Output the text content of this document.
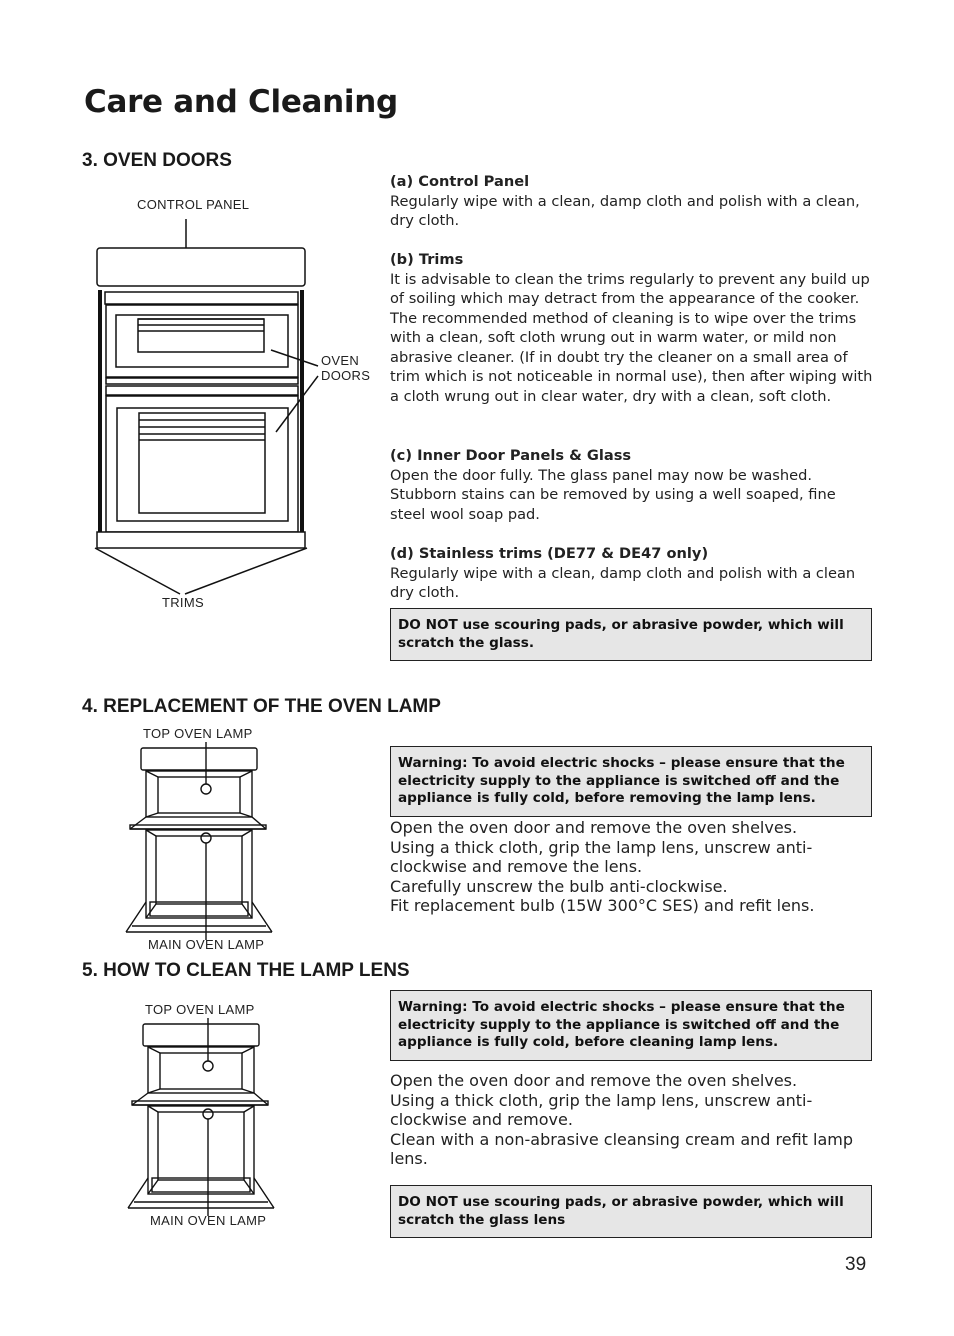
Care and Cleaning
3. OVEN DOORS
CONTROL PANEL
OVEN
DOORS
TRIMS
(a) Control Panel
Regularly wipe with a clean, damp cloth and polish with a clean, dry cloth.
(b) Trims
It is advisable to clean the trims regularly to prevent any build up of soiling which may detract from the appearance of the cooker. The recommended method of cleaning is to wipe over the trims with a clean, soft cloth wrung out in warm water, or mild non abrasive cleaner. (If in doubt try the cleaner on a small area of trim which is not noticeable in normal use), then after wiping with a cloth wrung out in clear water, dry with a clean, soft cloth.
(c) Inner Door Panels & Glass
Open the door fully. The glass panel may now be washed. Stubborn stains can be removed by using a well soaped, fine steel wool soap pad.
(d) Stainless trims (DE77 & DE47 only)
Regularly wipe with a clean, damp cloth and polish with a clean dry cloth.
DO NOT use scouring pads, or abrasive powder, which will scratch the glass.
4. REPLACEMENT OF THE OVEN LAMP
TOP OVEN LAMP
MAIN OVEN LAMP
Warning: To avoid electric shocks – please ensure that the electricity supply to the appliance is switched off and the appliance is fully cold, before removing the lamp lens.
Open the oven door and remove the oven shelves.
Using a thick cloth, grip the lamp lens, unscrew anti-clockwise and remove the lens.
Carefully unscrew the bulb anti-clockwise.
Fit replacement bulb (15W 300°C SES) and refit lens.
5. HOW TO CLEAN THE LAMP LENS
TOP OVEN LAMP
MAIN OVEN LAMP
Warning: To avoid electric shocks – please ensure that the electricity supply to the appliance is switched off and the appliance is fully cold, before cleaning lamp lens.
Open the oven door and remove the oven shelves.
Using a thick cloth, grip the lamp lens, unscrew anti-clockwise and remove.
Clean with a non-abrasive cleansing cream and refit lamp lens.
DO NOT use scouring pads, or abrasive powder, which will scratch the glass lens
39
